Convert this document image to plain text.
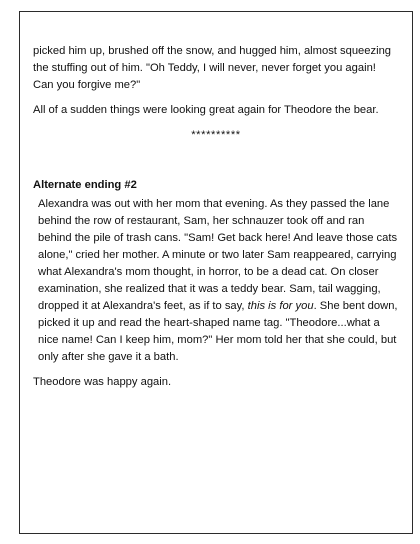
picked him up, brushed off the snow, and hugged him, almost squeezing the stuffing out of him. "Oh Teddy, I will never, never forget you again! Can you forgive me?"

All of a sudden things were looking great again for Theodore the bear.

**********

Alternate ending #2

Alexandra was out with her mom that evening. As they passed the lane behind the row of restaurant, Sam, her schnauzer took off and ran behind the pile of trash cans. "Sam! Get back here! And leave those cats alone," cried her mother. A minute or two later Sam reappeared, carrying what Alexandra's mom thought, in horror, to be a dead cat. On closer examination, she realized that it was a teddy bear. Sam, tail wagging, dropped it at Alexandra's feet, as if to say, this is for you. She bent down, picked it up and read the heart-shaped name tag. "Theodore...what a nice name! Can I keep him, mom?" Her mom told her that she could, but only after she gave it a bath.

Theodore was happy again.
